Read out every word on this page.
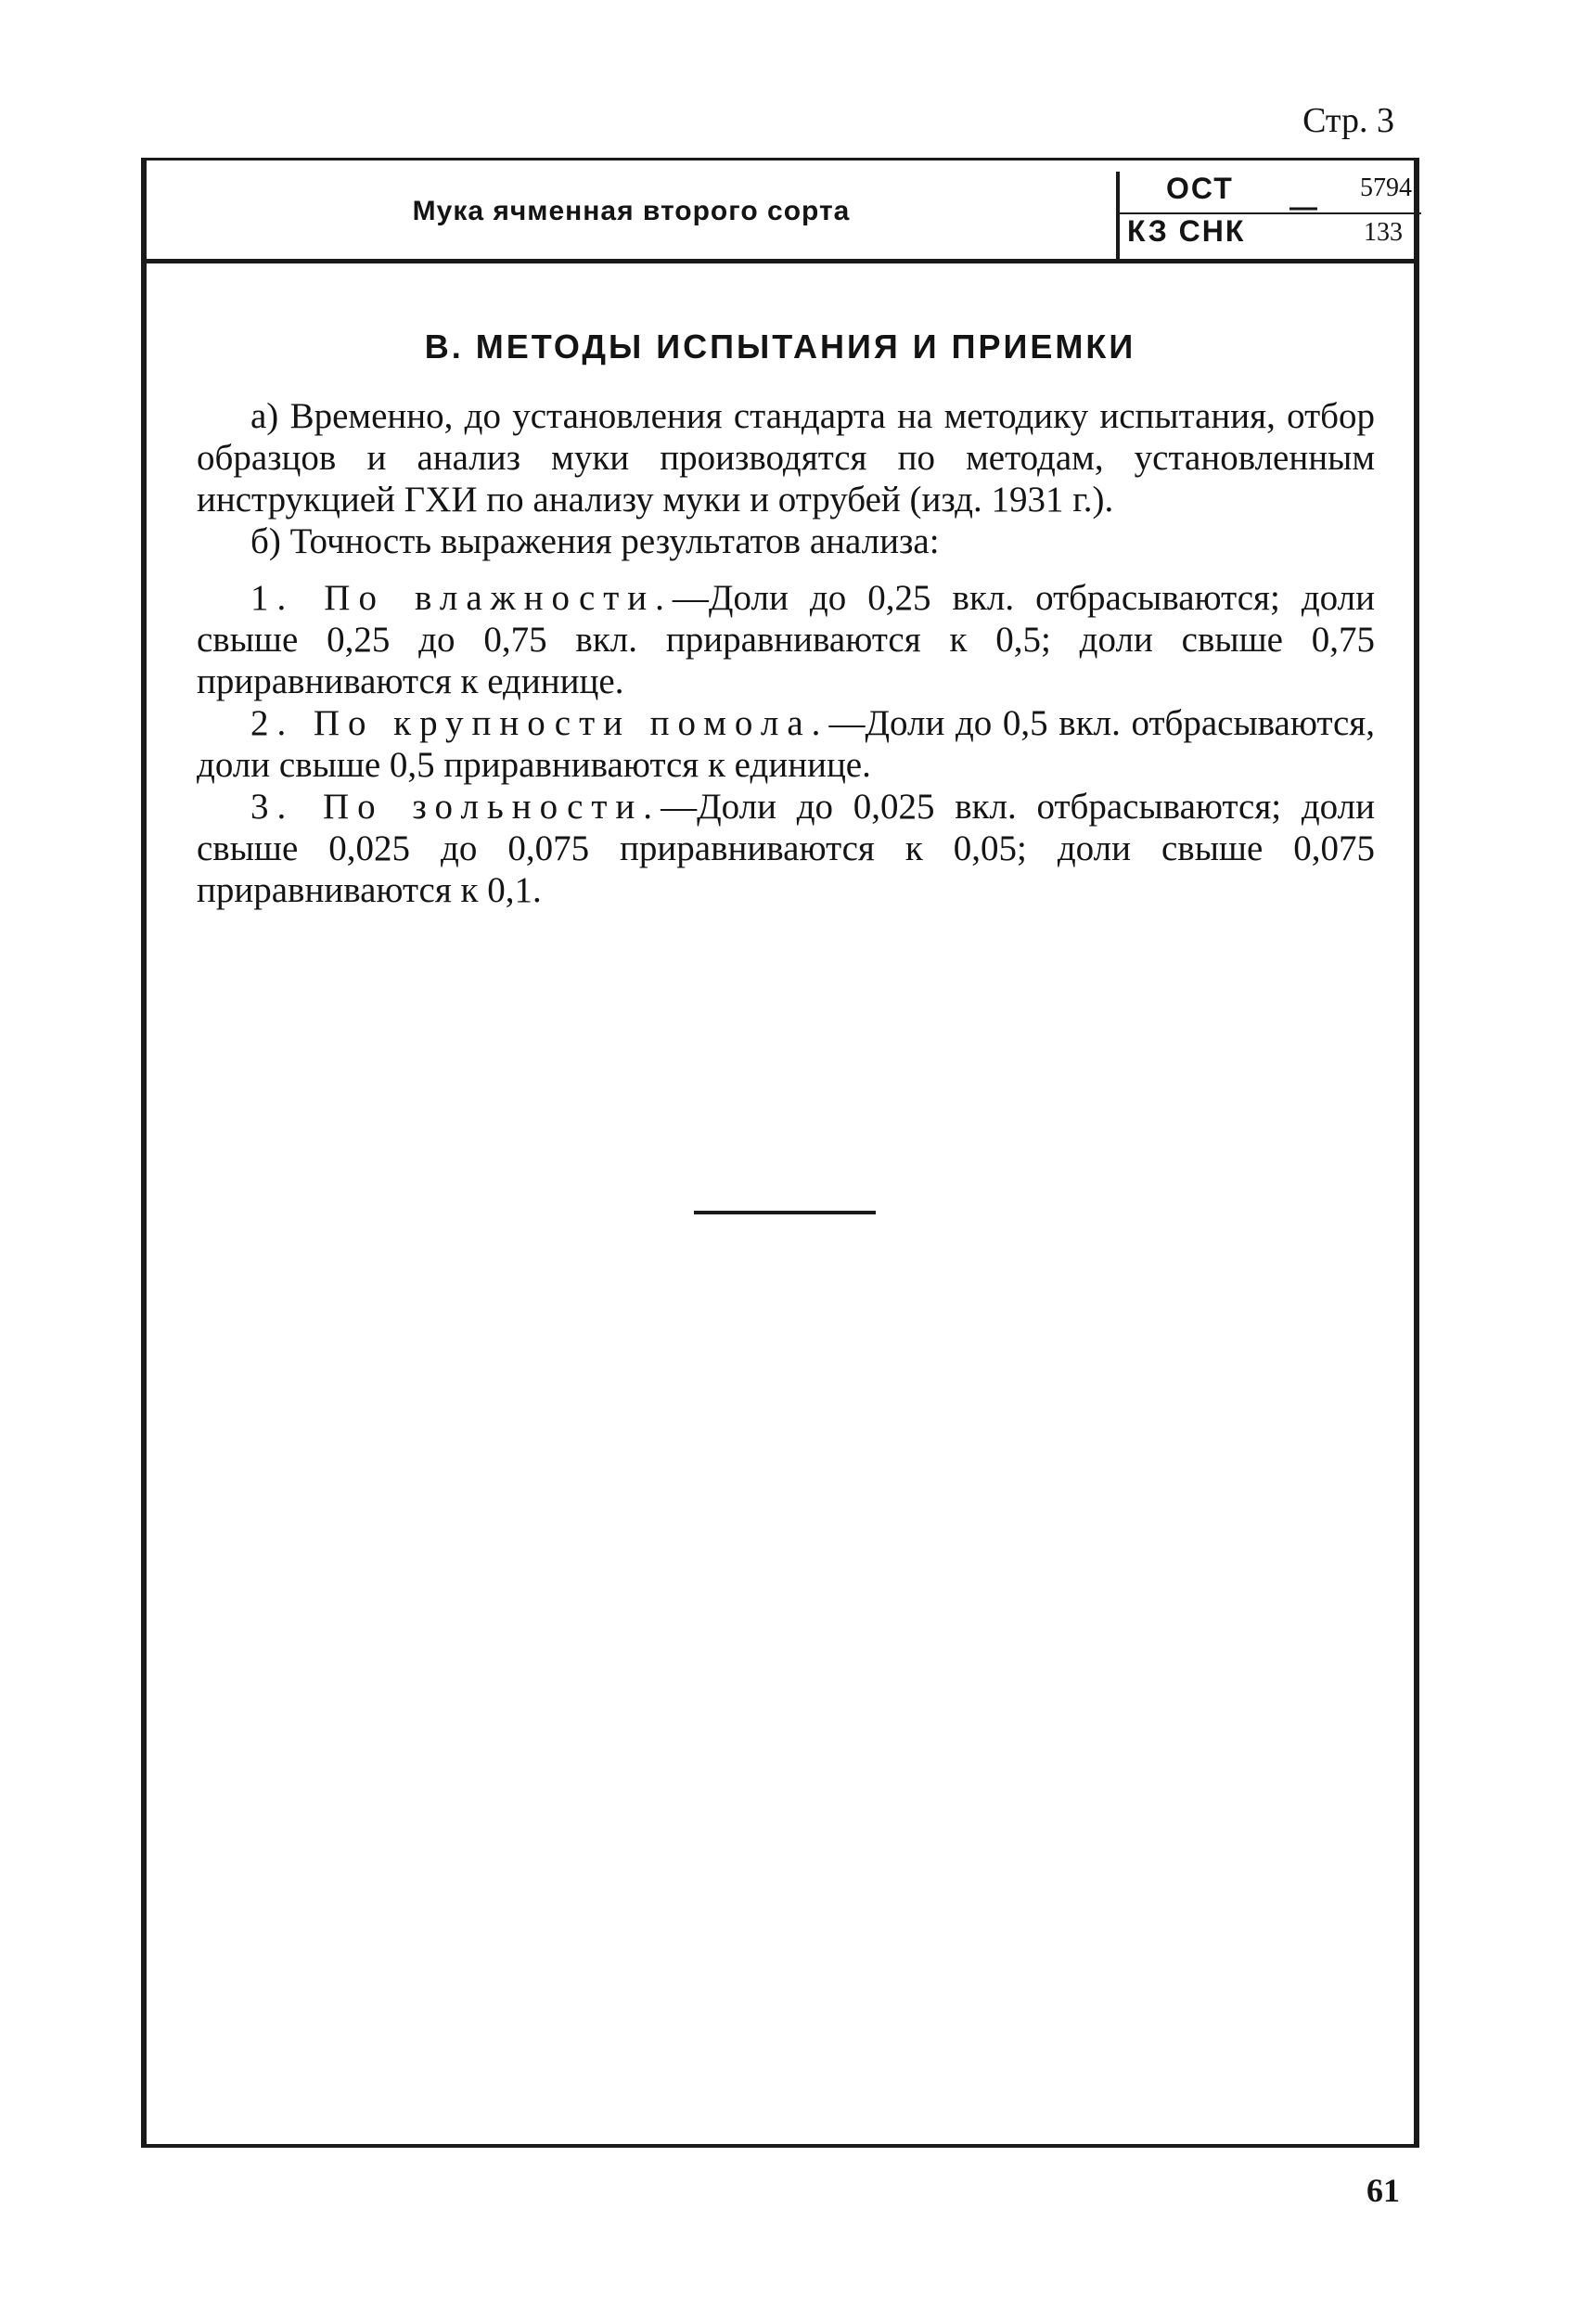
Стр. 3
Мука ячменная второго сорта
ОСТ
—
5794
КЗ СНК	133
В. МЕТОДЫ ИСПЫТАНИЯ И ПРИЕМКИ

а) Временно, до установления стандарта на методику испытания, отбор образцов и анализ муки производятся по методам, установленным инструкцией ГХИ по анализу муки и отрубей (изд. 1931 г.).

б) Точность выражения результатов анализа:

1. По влажности.—Доли до 0,25 вкл. отбрасываются; доли свыше 0,25 до 0,75 вкл. приравниваются к 0,5; доли свыше 0,75 приравниваются к единице.

2. По крупности помола.—Доли до 0,5 вкл. отбрасываются, доли свыше 0,5 приравниваются к единице.

3. По зольности.—Доли до 0,025 вкл. отбрасываются; доли свыше 0,025 до 0,075 приравниваются к 0,05; доли свыше 0,075 приравниваются к 0,1.

61
